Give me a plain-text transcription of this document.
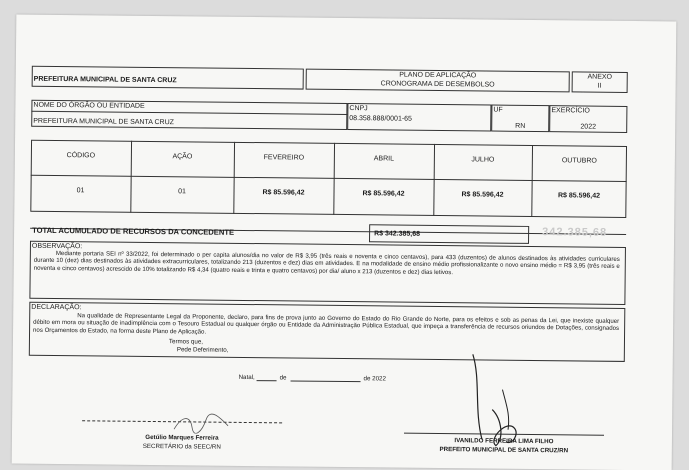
PREFEITURA MUNICIPAL DE SANTA CRUZ
PLANO DE APLICAÇÃO
CRONOGRAMA DE DESEMBOLSO
ANEXO
II
NOME DO ÓRGÃO OU ENTIDADE
PREFEITURA MUNICIPAL DE SANTA CRUZ
CNPJ
08.358.888/0001-65
UF
RN
EXERCÍCIO
2022
CÓDIGO	AÇÃO	FEVEREIRO	ABRIL	JULHO	OUTUBRO
01	01	R$ 85.596,42	R$ 85.596,42	R$ 85.596,42	R$ 85.596,42
TOTAL ACUMULADO DE RECURSOS DA CONCEDENTE	R$ 342.385,68	342.385,68
OBSERVAÇÃO:
Mediante portaria SEI nº 33/2022, foi determinado o per capita alunos/dia no valor de R$ 3,95 (três reais e noventa e cinco centavos), para 433 (duzentos) de alunos destinados às atividades curriculares durante 10 (dez) dias destinados às atividades extracurriculares, totalizando 213 (duzentos e dez) dias em atividades. E na modalidade de ensino médio profissionalizante o novo ensino médio = R$ 3,95 (três reais e noventa e cinco centavos) acrescido de 10% totalizando R$ 4,34 (quatro reais e trinta e quatro centavos) por dia/ aluno x 213 (duzentos e dez) dias letivos.
DECLARAÇÃO:
Na qualidade de Representante Legal da Proponente, declaro, para fins de prova junto ao Governo do Estado do Rio Grande do Norte, para os efeitos e sob as penas da Lei, que inexiste qualquer débito em mora ou situação de inadimplência com o Tesouro Estadual ou qualquer órgão ou Entidade da Administração Pública Estadual, que impeça a transferência de recursos oriundos de Dotações, consignados nos Orçamentos do Estado, na forma deste Plano de Aplicação.
Termos que,
Pede Deferimento,
Natal,	de	de 2022
Getúlio Marques Ferreira
SECRETÁRIO da SEEC/RN
IVANILDO FERREIRA LIMA FILHO
PREFEITO MUNICIPAL DE SANTA CRUZ/RN
